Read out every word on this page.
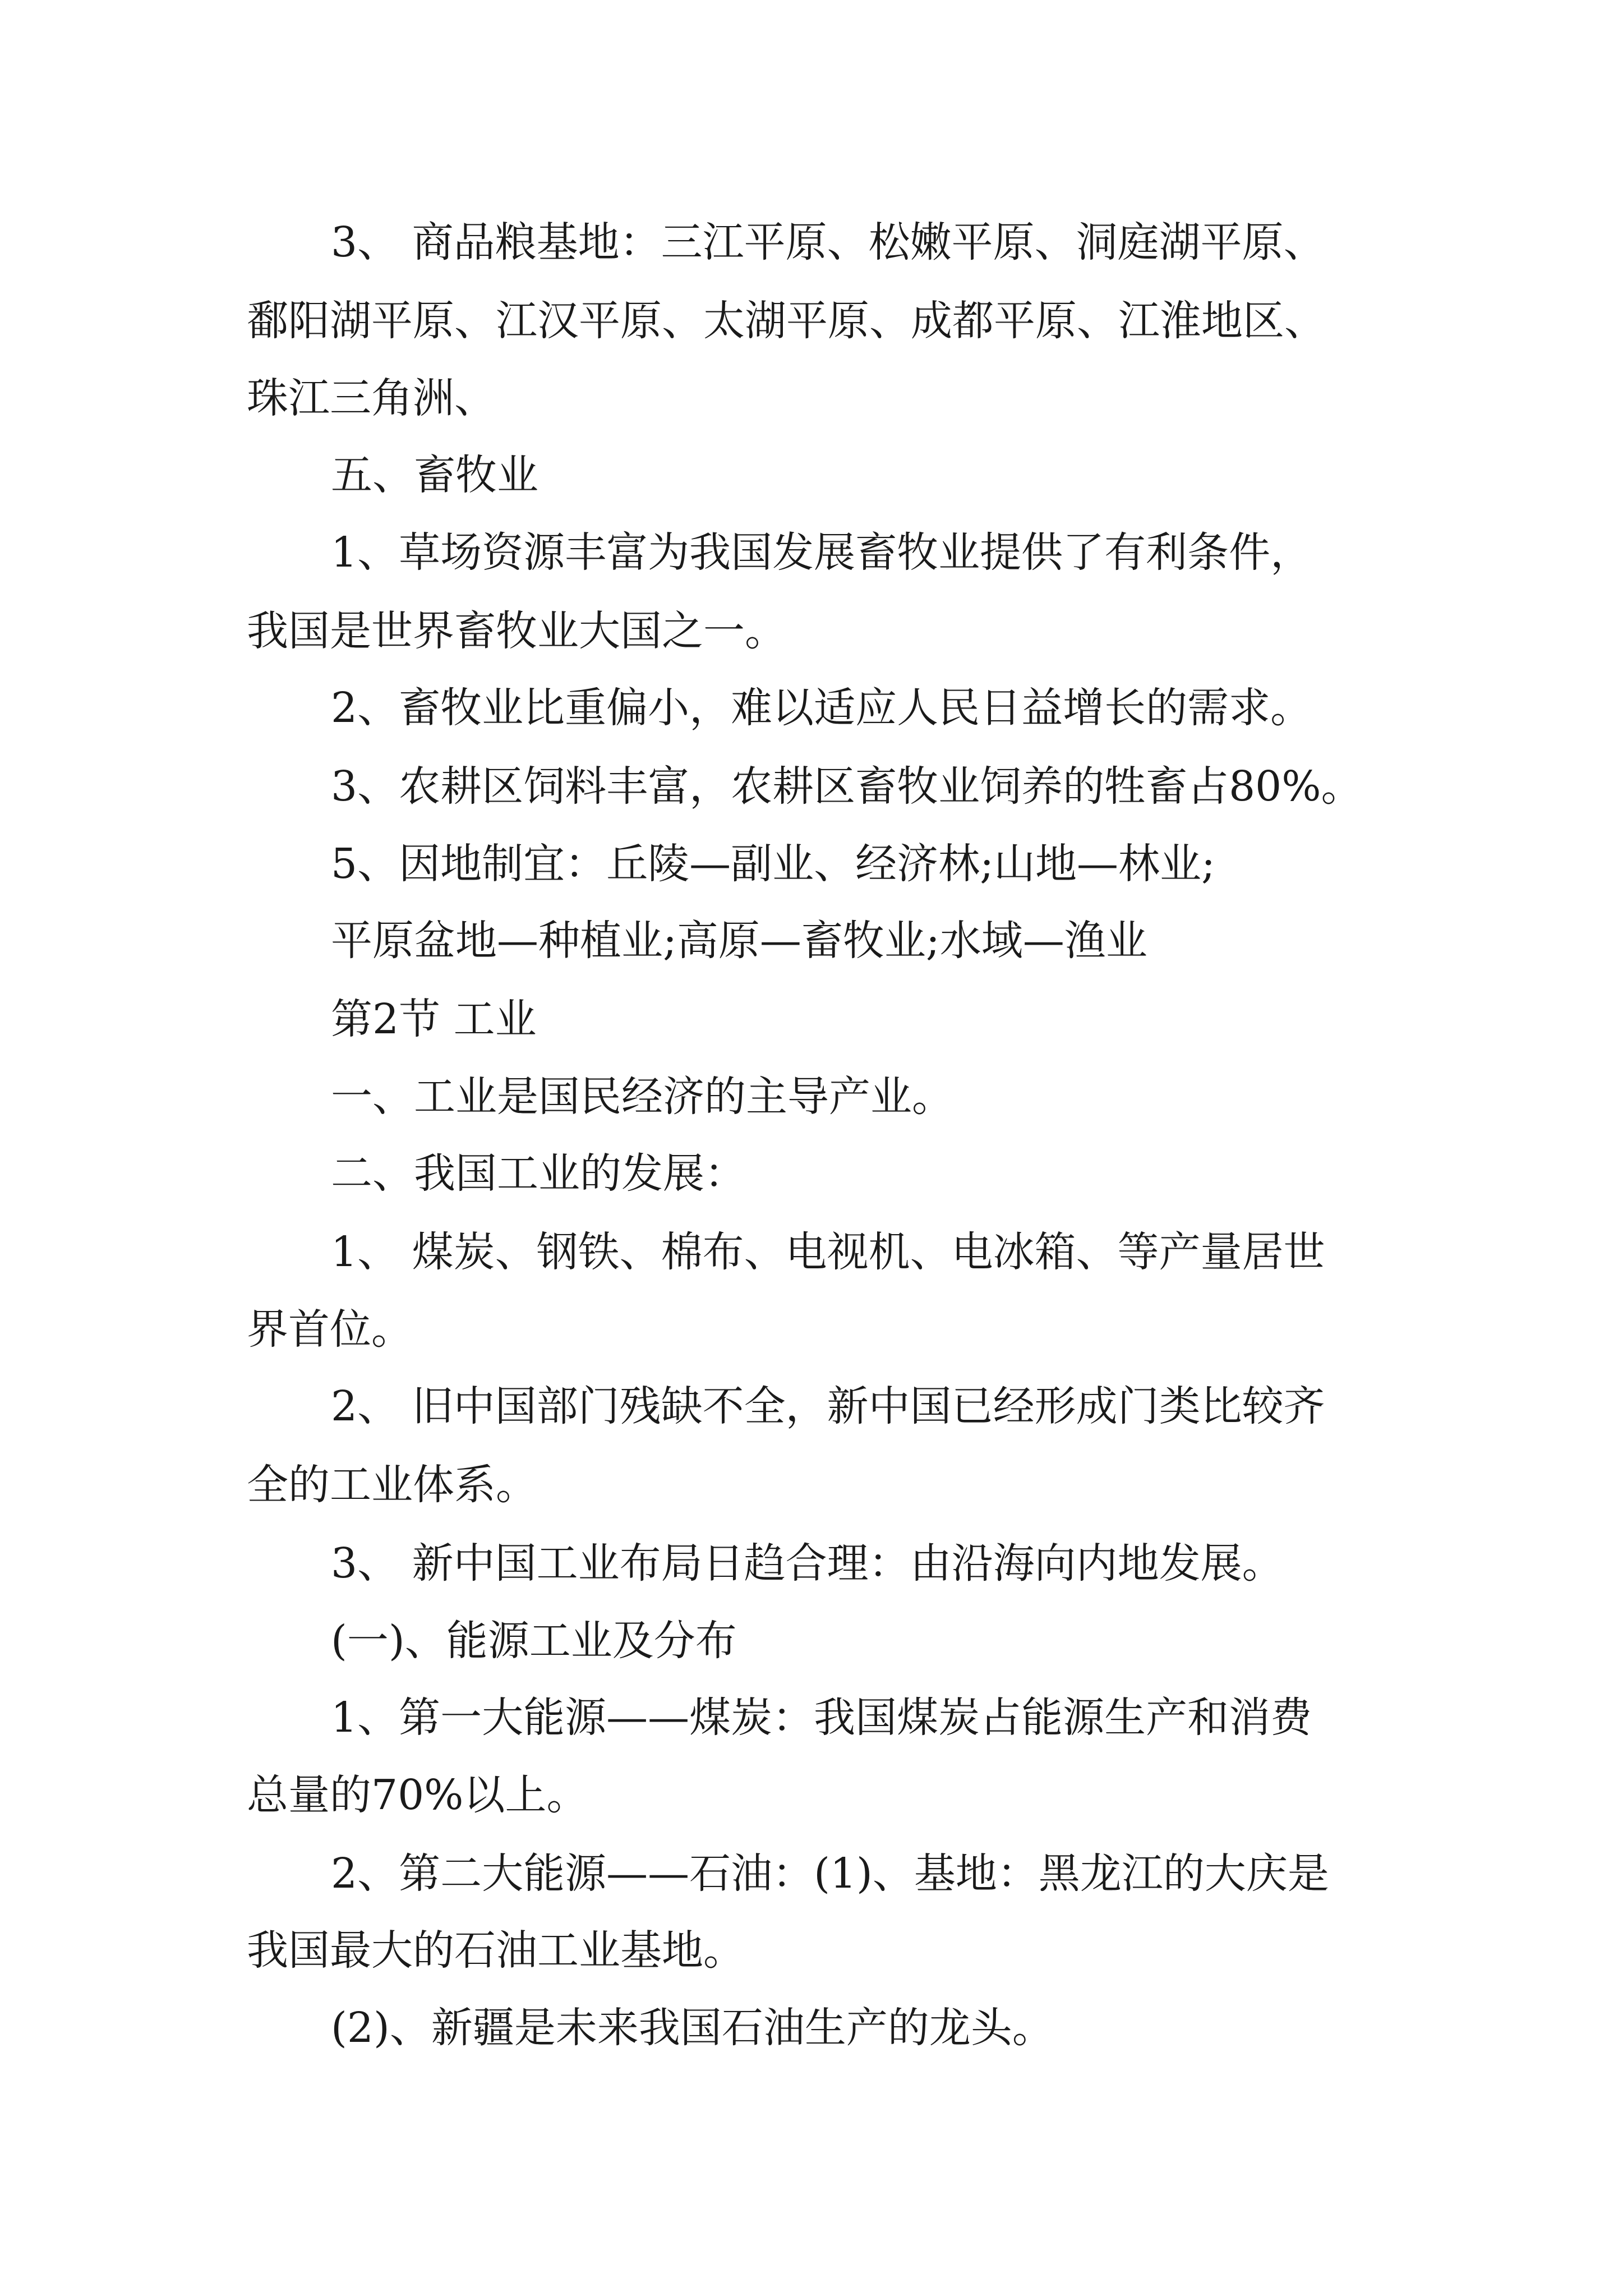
3、 商品粮基地：三江平原、松嫩平原、洞庭湖平原、
鄱阳湖平原、江汉平原、太湖平原、成都平原、江淮地区、
珠江三角洲、
五、畜牧业
1、草场资源丰富为我国发展畜牧业提供了有利条件，
我国是世界畜牧业大国之一。
2、畜牧业比重偏小，难以适应人民日益增长的需求。
3、农耕区饲料丰富，农耕区畜牧业饲养的牲畜占80%。
5、因地制宜：丘陵—副业、经济林;山地—林业;
平原盆地—种植业;高原—畜牧业;水域—渔业
第2节 工业
一、工业是国民经济的主导产业。
二、我国工业的发展：
1、 煤炭、钢铁、棉布、电视机、电冰箱、等产量居世
界首位。
2、 旧中国部门残缺不全，新中国已经形成门类比较齐
全的工业体系。
3、 新中国工业布局日趋合理：由沿海向内地发展。
(一)、能源工业及分布
1、第一大能源——煤炭：我国煤炭占能源生产和消费
总量的70%以上。
2、第二大能源——石油：(1)、基地：黑龙江的大庆是
我国最大的石油工业基地。
(2)、新疆是未来我国石油生产的龙头。
